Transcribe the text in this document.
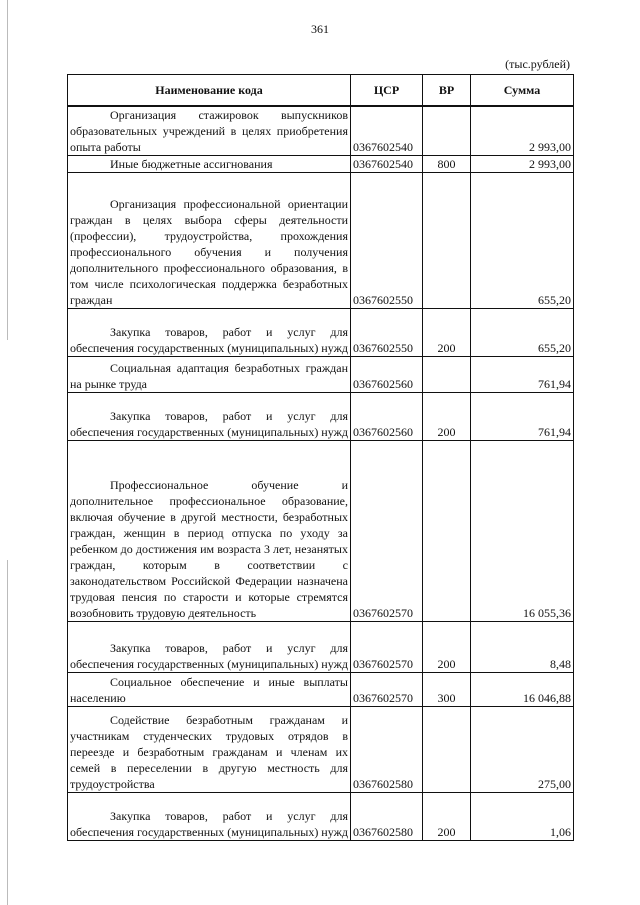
361
(тыс.рублей)
Наименование кода	ЦСР	ВР	Сумма

Организация стажировок выпускников образовательных учреждений в целях приобретения опыта работы	0367602540		2 993,00

Иные бюджетные ассигнования	0367602540	800	2 993,00

Организация профессиональной ориентации граждан в целях выбора сферы деятельности (профессии), трудоустройства, прохождения профессионального обучения и получения дополнительного профессионального образования, в том числе психологическая поддержка безработных граждан	0367602550		655,20

Закупка товаров, работ и услуг для обеспечения государственных (муниципальных) нужд	0367602550	200	655,20

Социальная адаптация безработных граждан на рынке труда	0367602560		761,94

Закупка товаров, работ и услуг для обеспечения государственных (муниципальных) нужд	0367602560	200	761,94

Профессиональное обучение и дополнительное профессиональное образование, включая обучение в другой местности, безработных граждан, женщин в период отпуска по уходу за ребенком до достижения им возраста 3 лет, незанятых граждан, которым в соответствии с законодательством Российской Федерации назначена трудовая пенсия по старости и которые стремятся возобновить трудовую деятельность	0367602570		16 055,36

Закупка товаров, работ и услуг для обеспечения государственных (муниципальных) нужд	0367602570	200	8,48

Социальное обеспечение и иные выплаты населению	0367602570	300	16 046,88

Содействие безработным гражданам и участникам студенческих трудовых отрядов в переезде и безработным гражданам и членам их семей в переселении в другую местность для трудоустройства	0367602580		275,00

Закупка товаров, работ и услуг для обеспечения государственных (муниципальных) нужд	0367602580	200	1,06
